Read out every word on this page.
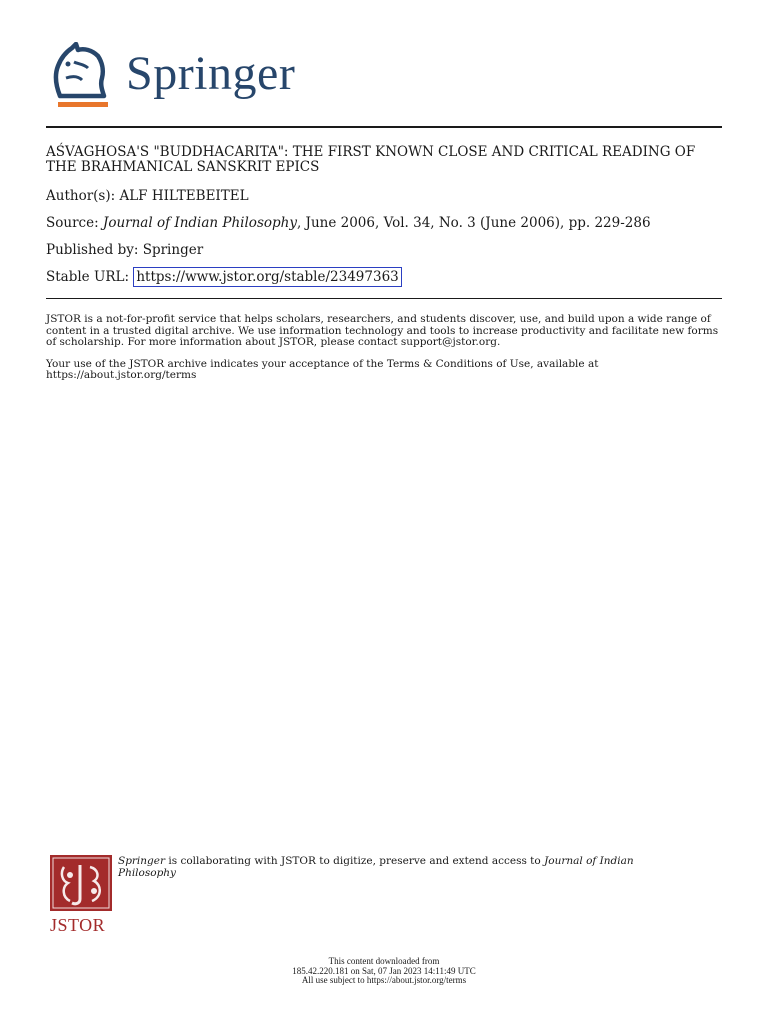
Springer
AŚVAGHOSA'S "BUDDHACARITA": THE FIRST KNOWN CLOSE AND CRITICAL READING OF THE BRAHMANICAL SANSKRIT EPICS
Author(s): ALF HILTEBEITEL
Source: Journal of Indian Philosophy, June 2006, Vol. 34, No. 3 (June 2006), pp. 229-286
Published by: Springer
Stable URL: https://www.jstor.org/stable/23497363

JSTOR is a not-for-profit service that helps scholars, researchers, and students discover, use, and build upon a wide range of content in a trusted digital archive. We use information technology and tools to increase productivity and facilitate new forms of scholarship. For more information about JSTOR, please contact support@jstor.org.

Your use of the JSTOR archive indicates your acceptance of the Terms & Conditions of Use, available at https://about.jstor.org/terms

JSTOR
Springer is collaborating with JSTOR to digitize, preserve and extend access to Journal of Indian Philosophy
This content downloaded from
185.42.220.181 on Sat, 07 Jan 2023 14:11:49 UTC
All use subject to https://about.jstor.org/terms
